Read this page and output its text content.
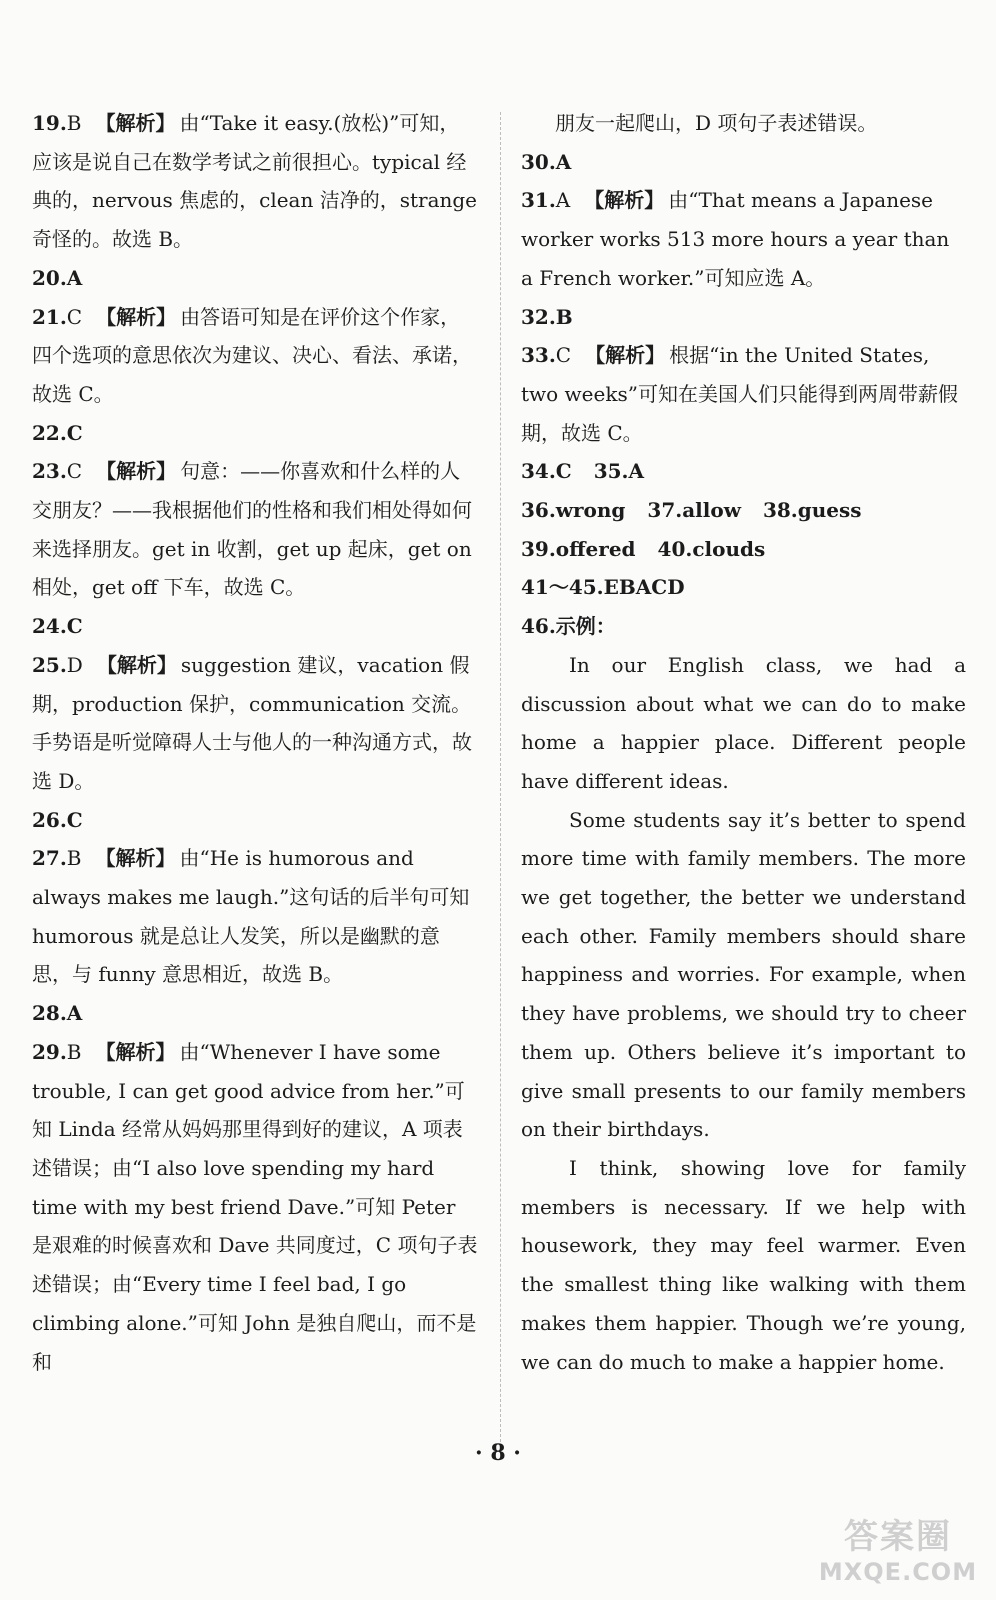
19.B 【解析】 由“Take it easy.(放松)”可知，应该是说自己在数学考试之前很担心。typical 经典的，nervous 焦虑的，clean 洁净的，strange 奇怪的。故选 B。

20.A

21.C 【解析】 由答语可知是在评价这个作家，四个选项的意思依次为建议、决心、看法、承诺，故选 C。

22.C

23.C 【解析】 句意：——你喜欢和什么样的人交朋友？——我根据他们的性格和我们相处得如何来选择朋友。get in 收割，get up 起床，get on 相处，get off 下车，故选 C。

24.C

25.D 【解析】 suggestion 建议，vacation 假期，production 保护，communication 交流。手势语是听觉障碍人士与他人的一种沟通方式，故选 D。

26.C

27.B 【解析】 由“He is humorous and always makes me laugh.”这句话的后半句可知 humorous 就是总让人发笑，所以是幽默的意思，与 funny 意思相近，故选 B。

28.A

29.B 【解析】 由“Whenever I have some trouble, I can get good advice from her.”可知 Linda 经常从妈妈那里得到好的建议，A 项表述错误；由“I also love spending my hard time with my best friend Dave.”可知 Peter 是艰难的时候喜欢和 Dave 共同度过，C 项句子表述错误；由“Every time I feel bad, I go climbing alone.”可知 John 是独自爬山，而不是和

朋友一起爬山，D 项句子表述错误。

30.A

31.A 【解析】 由“That means a Japanese worker works 513 more hours a year than a French worker.”可知应选 A。

32.B

33.C 【解析】 根据“in the United States, two weeks”可知在美国人们只能得到两周带薪假期，故选 C。

34.C 35.A

36.wrong 37.allow 38.guess

39.offered 40.clouds

41～45.EBACD

46.示例：

In our English class, we had a discussion about what we can do to make home a happier place. Different people have different ideas.

Some students say it’s better to spend more time with family members. The more we get together, the better we understand each other. Family members should share happiness and worries. For example, when they have problems, we should try to cheer them up. Others believe it’s important to give small presents to our family members on their birthdays.

I think, showing love for family members is necessary. If we help with housework, they may feel warmer. Even the smallest thing like walking with them makes them happier. Though we’re young, we can do much to make a happier home.

· 8 ·
答案圈
MXQE.COM
